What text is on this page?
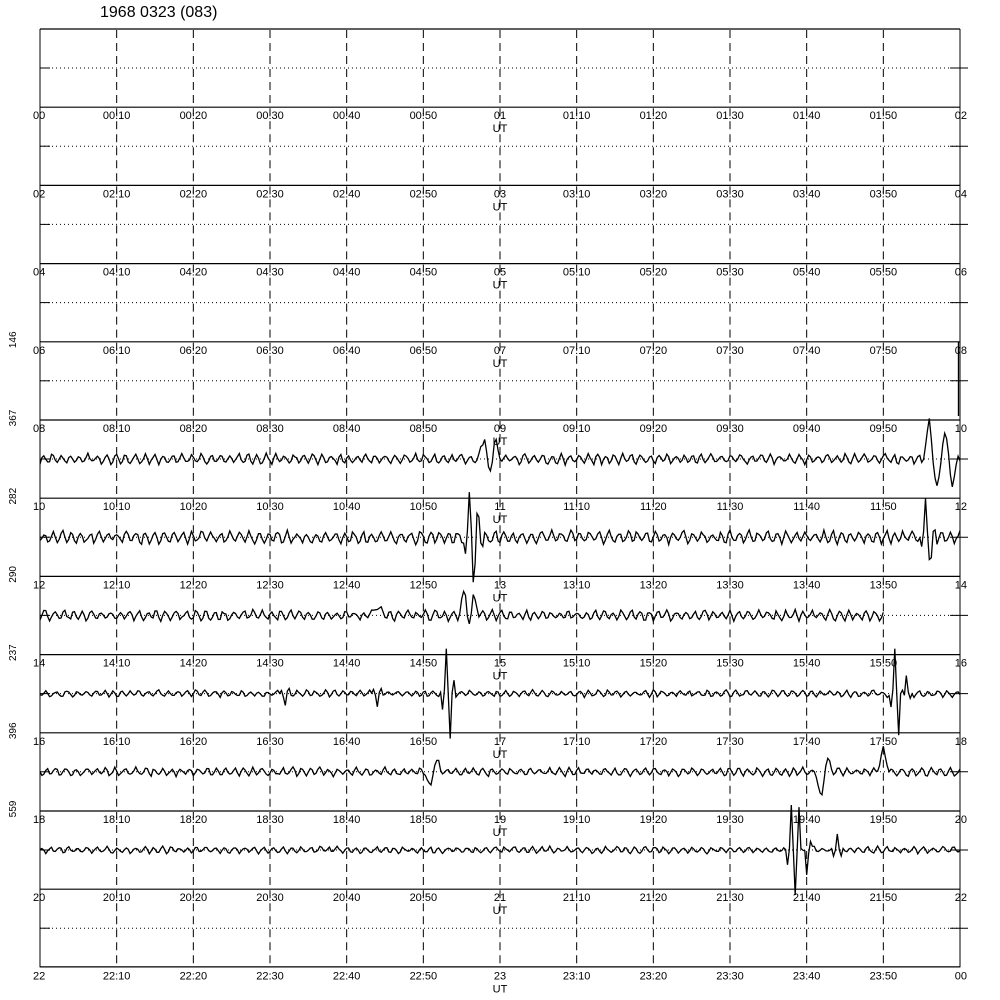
1968 0323 (083)
00	00:10	00:20	00:30	00:40	00:50	01	01:10	01:20	01:30	01:40	01:50	02
UT
02	02:10	02:20	02:30	02:40	02:50	03	03:10	03:20	03:30	03:40	03:50	04
UT
04	04:10	04:20	04:30	04:40	04:50	05	05:10	05:20	05:30	05:40	05:50	06
UT
06	06:10	06:20	06:30	06:40	06:50	07	07:10	07:20	07:30	07:40	07:50	08
UT
08	08:10	08:20	08:30	08:40	08:50	09	09:10	09:20	09:30	09:40	09:50	10
UT
146
10	10:10	10:20	10:30	10:40	10:50	11	11:10	11:20	11:30	11:40	11:50	12
UT
367
12	12:10	12:20	12:30	12:40	12:50	13	13:10	13:20	13:30	13:40	13:50	14
UT
282
14	14:10	14:20	14:30	14:40	14:50	15	15:10	15:20	15:30	15:40	15:50	16
UT
290
16	16:10	16:20	16:30	16:40	16:50	17	17:10	17:20	17:30	17:40	17:50	18
UT
237
18	18:10	18:20	18:30	18:40	18:50	19	19:10	19:20	19:30	19:40	19:50	20
UT
396
20	20:10	20:20	20:30	20:40	20:50	21	21:10	21:20	21:30	21:40	21:50	22
UT
559
22	22:10	22:20	22:30	22:40	22:50	23	23:10	23:20	23:30	23:40	23:50	00
UT
